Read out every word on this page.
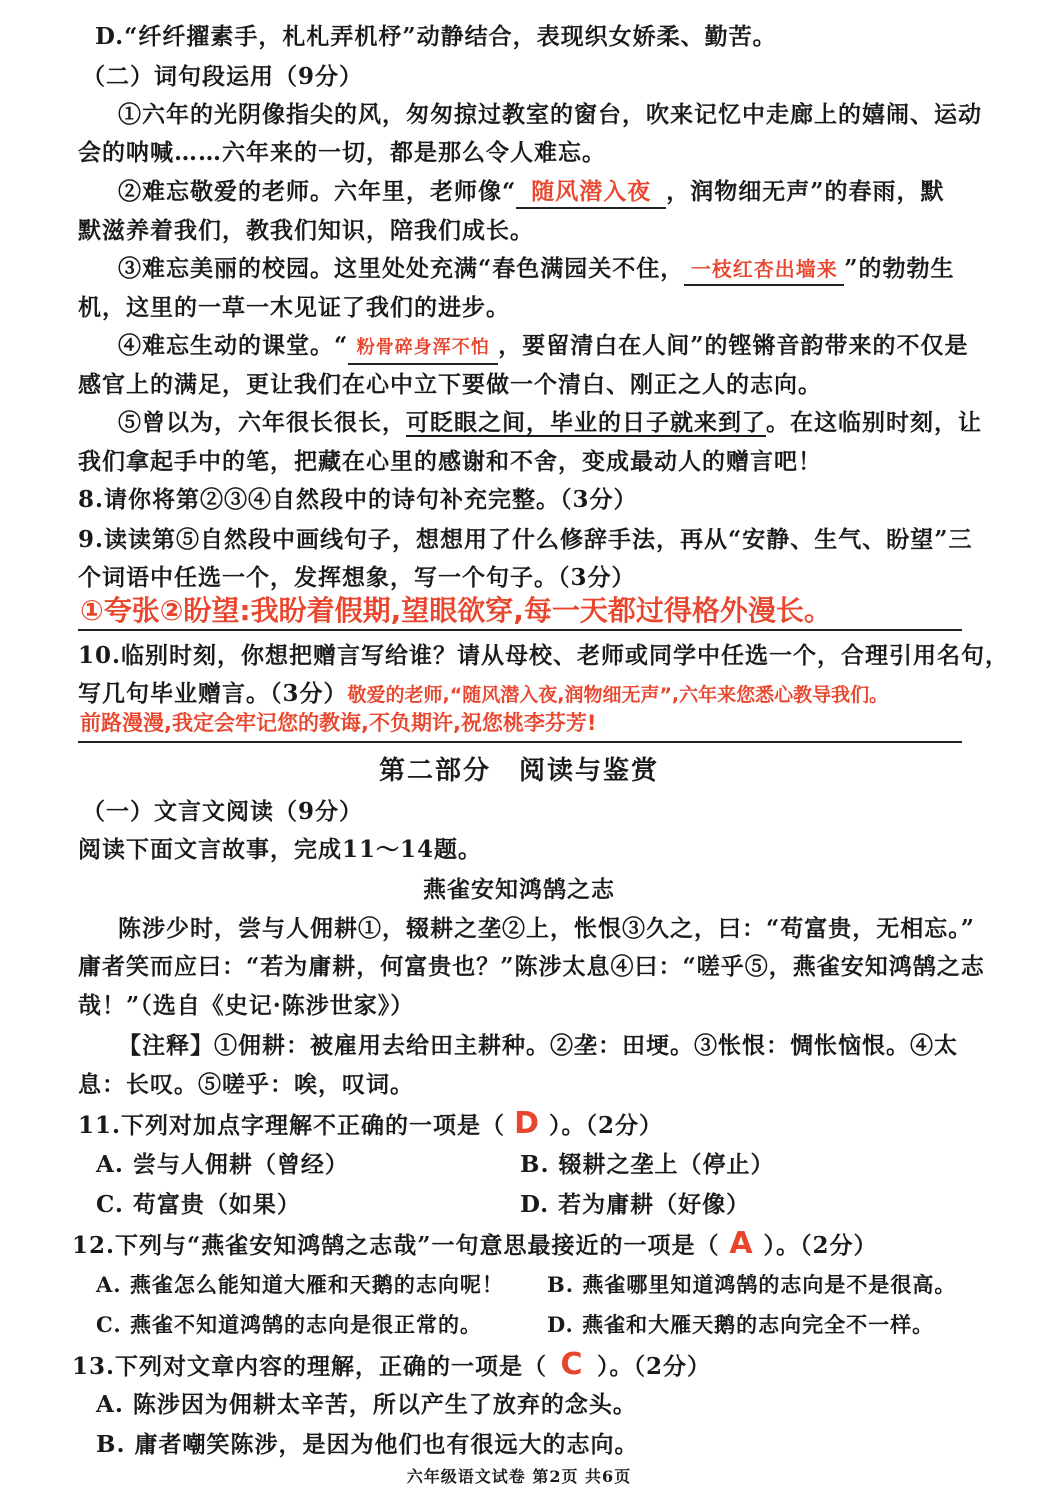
D.“纤纤擢素手，札札弄机杼”动静结合，表现织女娇柔、勤苦。
（二）词句段运用（9分）
①六年的光阴像指尖的风，匆匆掠过教室的窗台，吹来记忆中走廊上的嬉闹、运动
会的呐喊……六年来的一切，都是那么令人难忘。
②难忘敬爱的老师。六年里，老师像“ 随风潜入夜 ，润物细无声”的春雨，默
默滋养着我们，教我们知识，陪我们成长。
③难忘美丽的校园。这里处处充满“春色满园关不住， 一枝红杏出墙来 ”的勃勃生
机，这里的一草一木见证了我们的进步。
④难忘生动的课堂。“ 粉骨碎身浑不怕 ，要留清白在人间”的铿锵音韵带来的不仅是
感官上的满足，更让我们在心中立下要做一个清白、刚正之人的志向。
⑤曾以为，六年很长很长，可眨眼之间，毕业的日子就来到了。在这临别时刻，让
我们拿起手中的笔，把藏在心里的感谢和不舍，变成最动人的赠言吧！
8.请你将第②③④自然段中的诗句补充完整。（3分）
9.读读第⑤自然段中画线句子，想想用了什么修辞手法，再从“安静、生气、盼望”三
个词语中任选一个，发挥想象，写一个句子。（3分）
①夸张②盼望:我盼着假期,望眼欲穿,每一天都过得格外漫长。
10.临别时刻，你想把赠言写给谁？请从母校、老师或同学中任选一个，合理引用名句，
写几句毕业赠言。（3分）敬爱的老师,“随风潜入夜,润物细无声”,六年来您悉心教导我们。
前路漫漫,我定会牢记您的教诲,不负期许,祝您桃李芬芳!
第二部分　阅读与鉴赏
（一）文言文阅读（9分）
阅读下面文言故事，完成11～14题。
燕雀安知鸿鹄之志
陈涉少时，尝与人佣耕①，辍耕之垄②上，怅恨③久之，曰：“苟富贵，无相忘。”
庸者笑而应曰：“若为庸耕，何富贵也？”陈涉太息④曰：“嗟乎⑤，燕雀安知鸿鹄之志
哉！”（选自《史记·陈涉世家》）
【注释】①佣耕：被雇用去给田主耕种。②垄：田埂。③怅恨：惆怅恼恨。④太
息：长叹。⑤嗟乎：唉，叹词。
11.下列对加点字理解不正确的一项是（ D ）。（2分）
A. 尝与人佣耕（曾经）	B. 辍耕之垄上（停止）
C. 苟富贵（如果）	D. 若为庸耕（好像）
12.下列与“燕雀安知鸿鹄之志哉”一句意思最接近的一项是（ A ）。（2分）
A. 燕雀怎么能知道大雁和天鹅的志向呢！ B. 燕雀哪里知道鸿鹄的志向是不是很高。
C. 燕雀不知道鸿鹄的志向是很正常的。	D. 燕雀和大雁天鹅的志向完全不一样。
13.下列对文章内容的理解，正确的一项是（ C ）。（2分）
A. 陈涉因为佣耕太辛苦，所以产生了放弃的念头。
B. 庸者嘲笑陈涉，是因为他们也有很远大的志向。
六年级语文试卷 第2页 共6页
